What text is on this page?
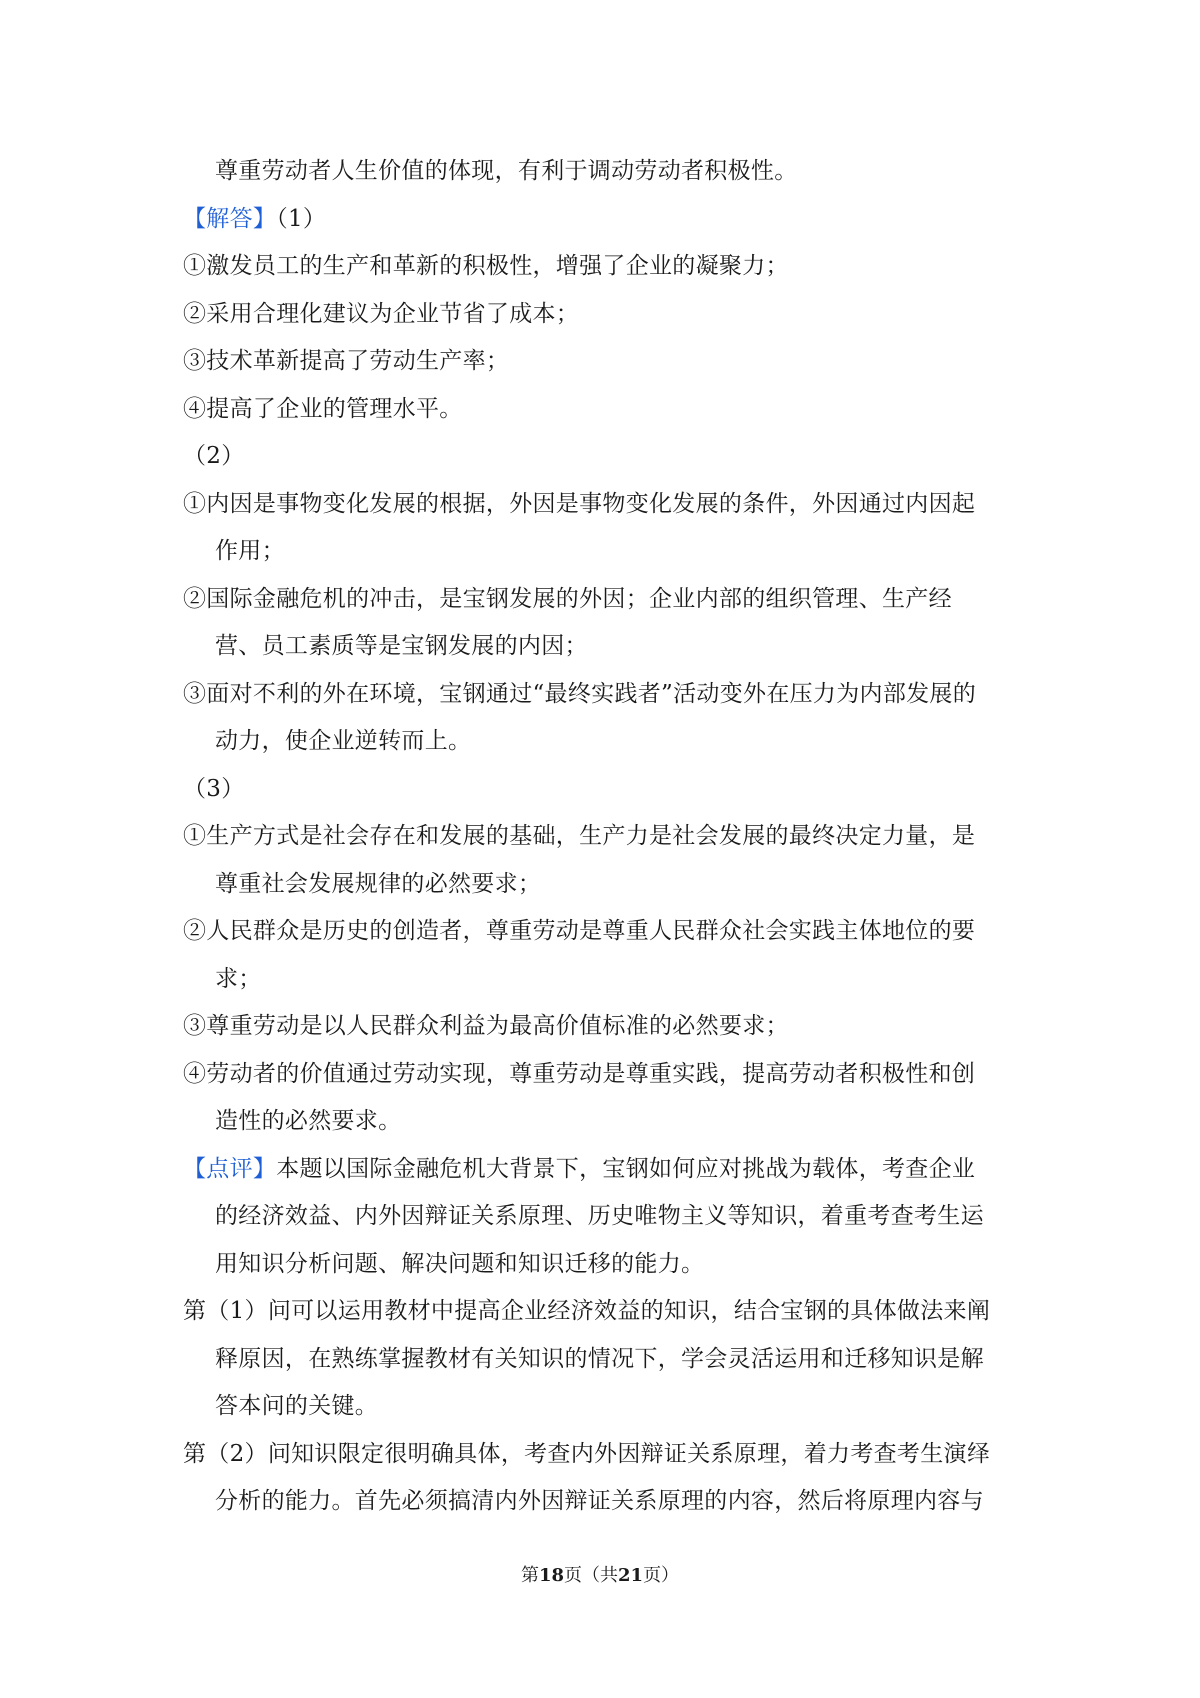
尊重劳动者人生价值的体现，有利于调动劳动者积极性。
【解答】（1）
①激发员工的生产和革新的积极性，增强了企业的凝聚力；
②采用合理化建议为企业节省了成本；
③技术革新提高了劳动生产率；
④提高了企业的管理水平。
（2）
①内因是事物变化发展的根据，外因是事物变化发展的条件，外因通过内因起
作用；
②国际金融危机的冲击，是宝钢发展的外因；企业内部的组织管理、生产经
营、员工素质等是宝钢发展的内因；
③面对不利的外在环境，宝钢通过“最终实践者”活动变外在压力为内部发展的
动力，使企业逆转而上。
（3）
①生产方式是社会存在和发展的基础，生产力是社会发展的最终决定力量，是
尊重社会发展规律的必然要求；
②人民群众是历史的创造者，尊重劳动是尊重人民群众社会实践主体地位的要
求；
③尊重劳动是以人民群众利益为最高价值标准的必然要求；
④劳动者的价值通过劳动实现，尊重劳动是尊重实践，提高劳动者积极性和创
造性的必然要求。
【点评】本题以国际金融危机大背景下，宝钢如何应对挑战为载体，考查企业
的经济效益、内外因辩证关系原理、历史唯物主义等知识，着重考查考生运
用知识分析问题、解决问题和知识迁移的能力。
第（1）问可以运用教材中提高企业经济效益的知识，结合宝钢的具体做法来阐
释原因，在熟练掌握教材有关知识的情况下，学会灵活运用和迁移知识是解
答本问的关键。
第（2）问知识限定很明确具体，考查内外因辩证关系原理，着力考查考生演绎
分析的能力。首先必须搞清内外因辩证关系原理的内容，然后将原理内容与
第18页（共21页）
